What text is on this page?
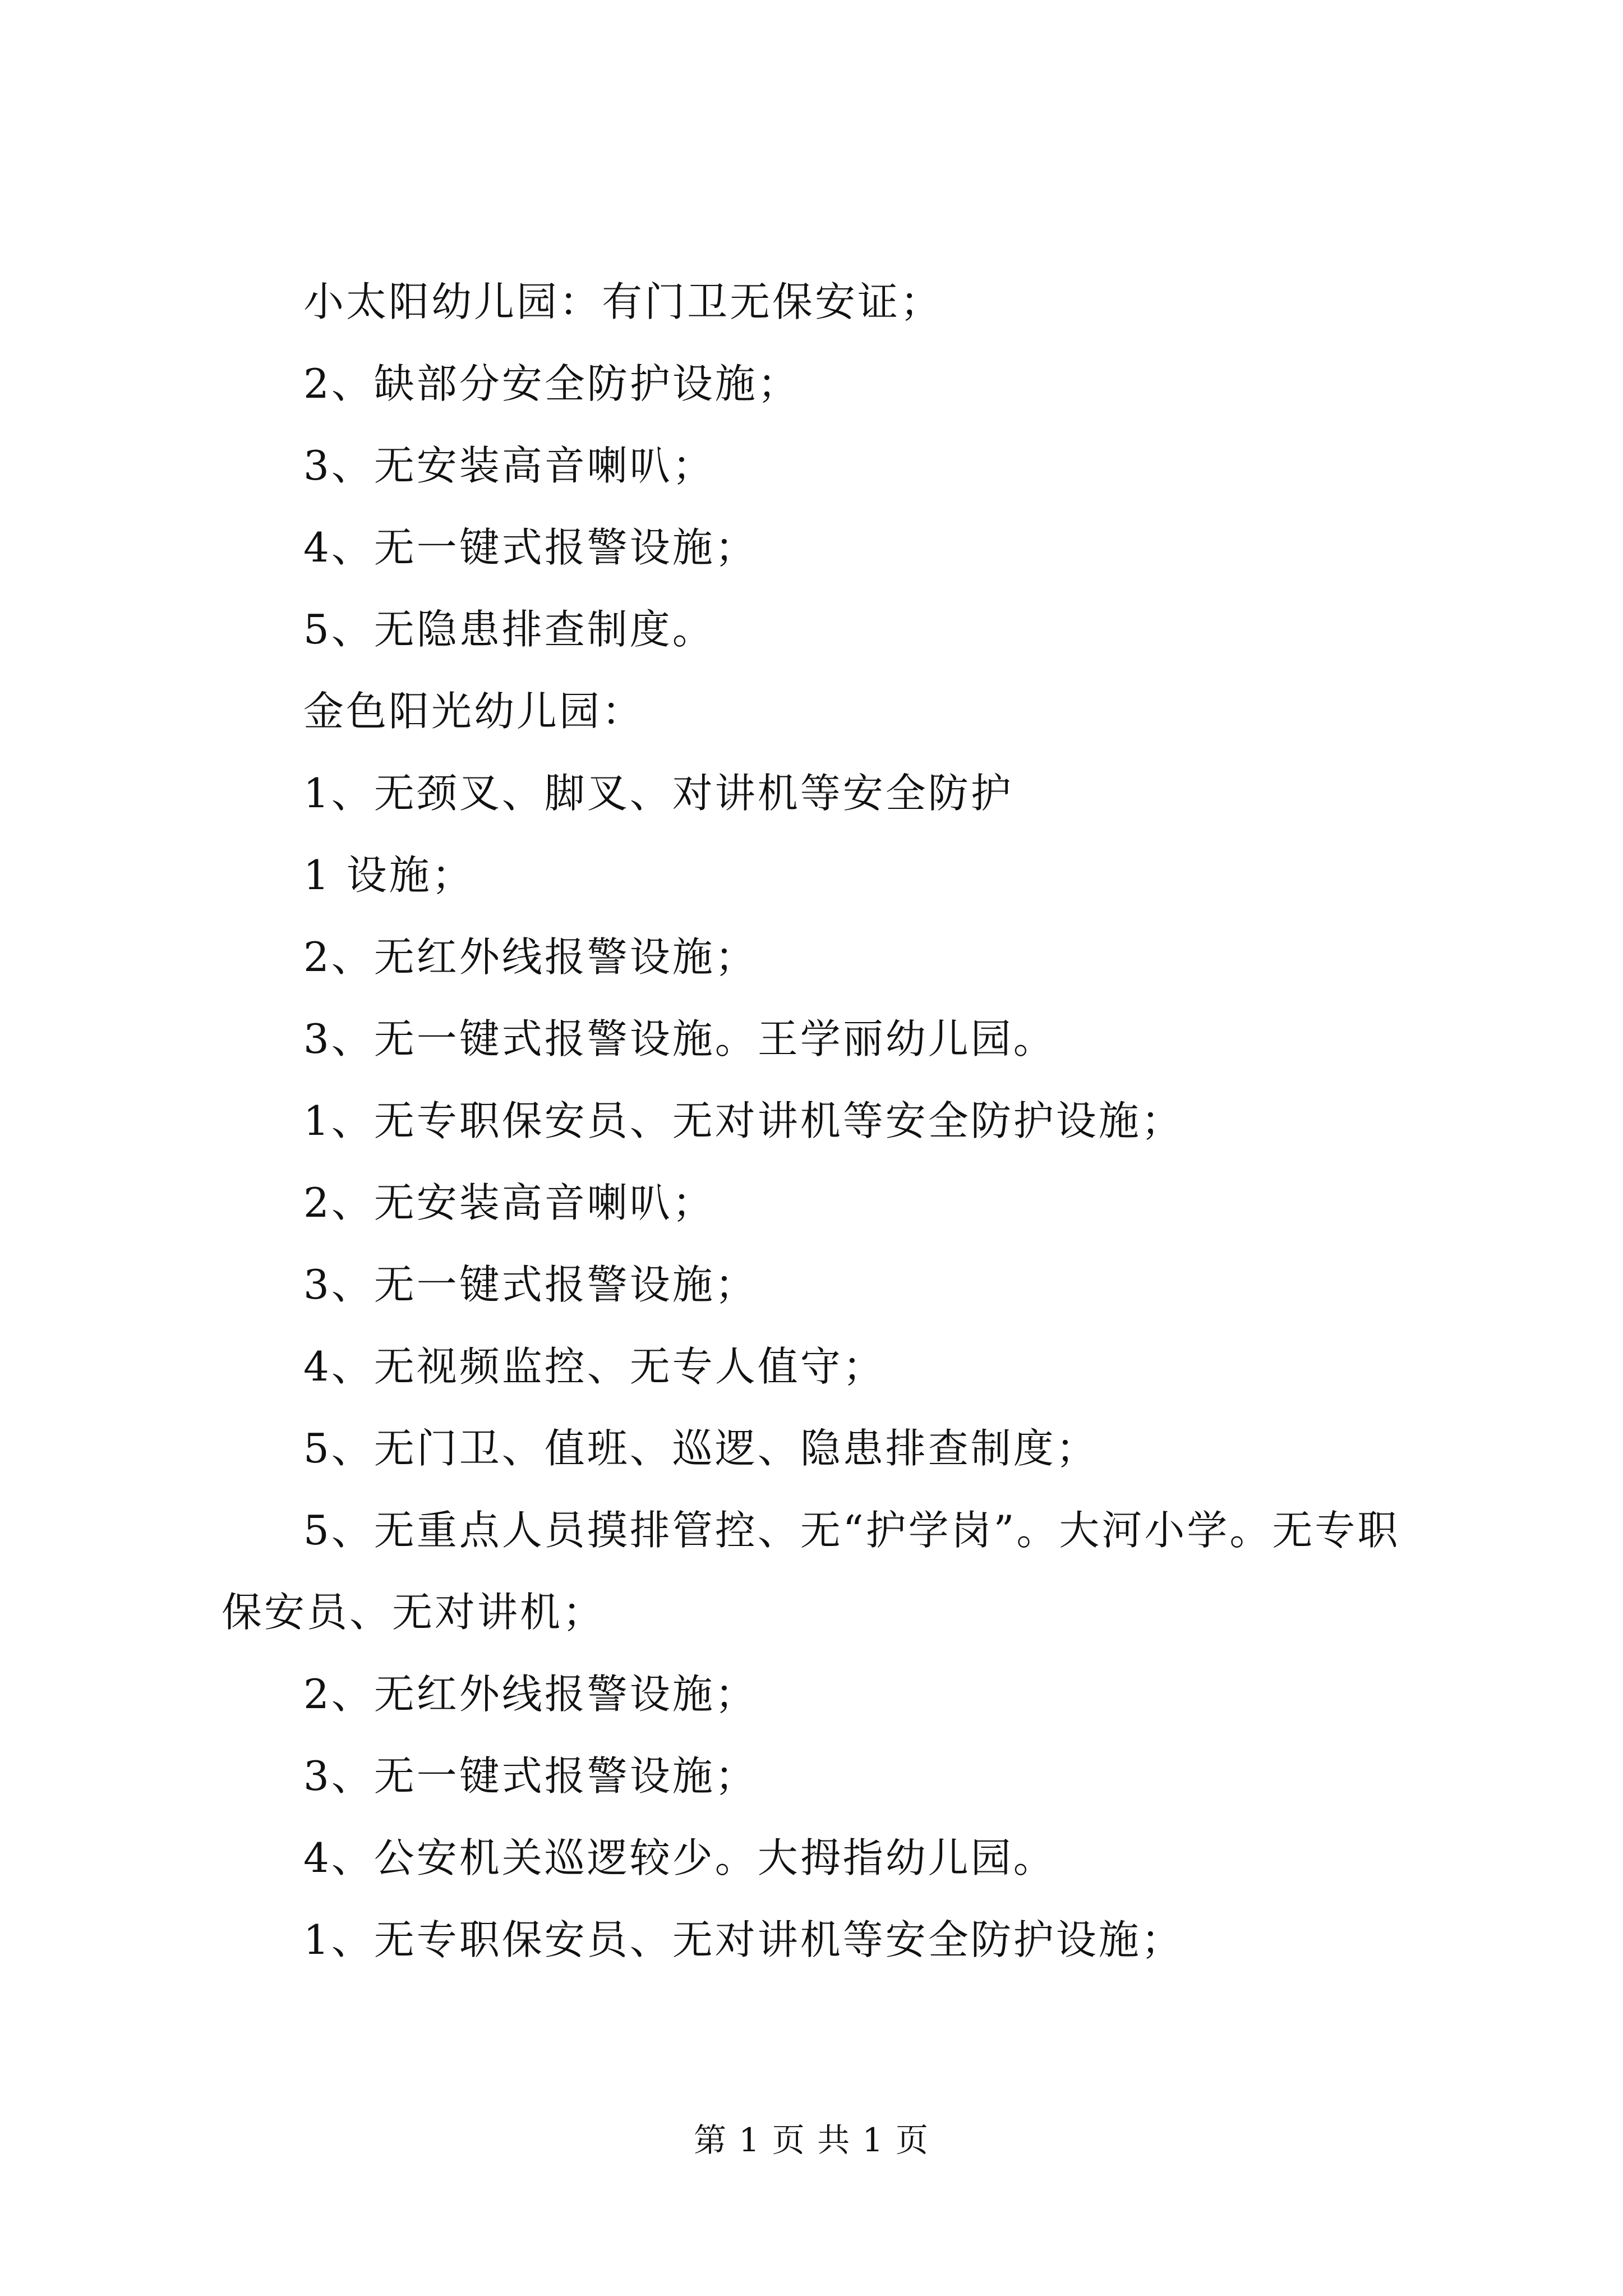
小太阳幼儿园：有门卫无保安证；

2、缺部分安全防护设施；

3、无安装高音喇叭；

4、无一键式报警设施；

5、无隐患排查制度。

金色阳光幼儿园：

1、无颈叉、脚叉、对讲机等安全防护

1 设施；

2、无红外线报警设施；

3、无一键式报警设施。王学丽幼儿园。

1、无专职保安员、无对讲机等安全防护设施；

2、无安装高音喇叭；

3、无一键式报警设施；

4、无视频监控、无专人值守；

5、无门卫、值班、巡逻、隐患排查制度；

5、无重点人员摸排管控、无“护学岗”。大河小学。无专职保安员、无对讲机；

2、无红外线报警设施；

3、无一键式报警设施；

4、公安机关巡逻较少。大拇指幼儿园。

1、无专职保安员、无对讲机等安全防护设施；

第 1 页 共 1 页
